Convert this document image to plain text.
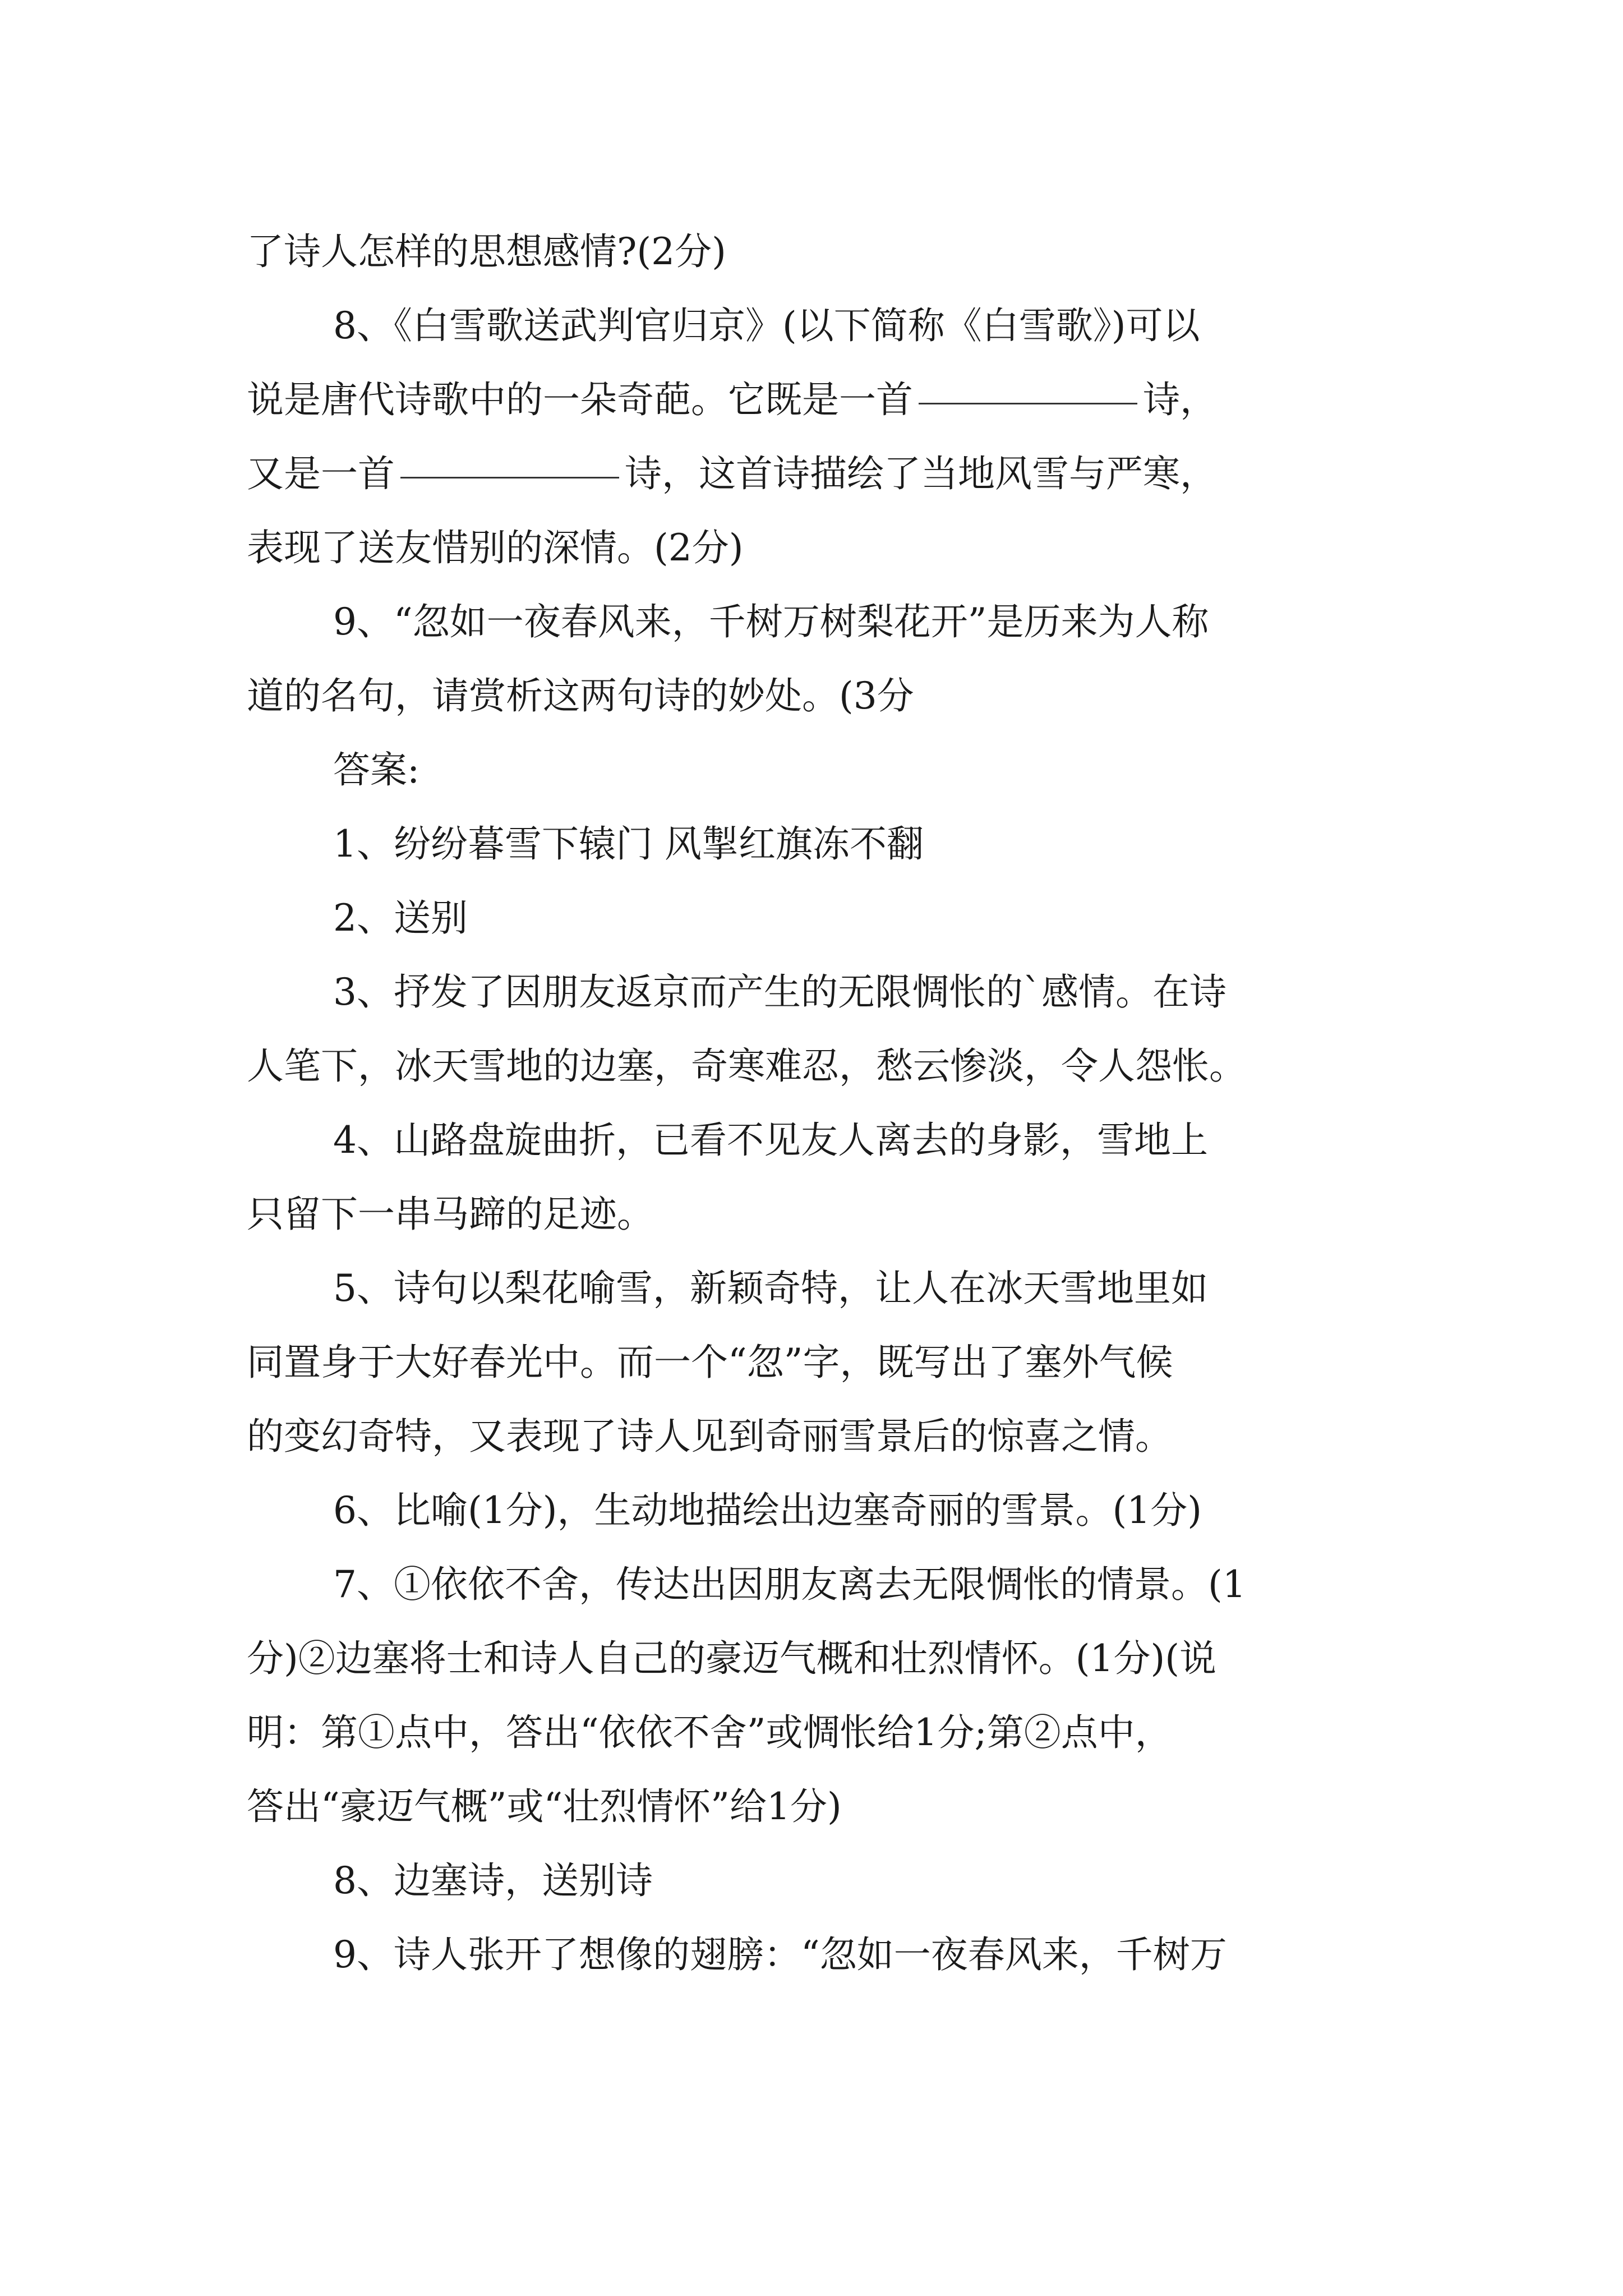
了诗人怎样的思想感情?(2分)
8、《白雪歌送武判官归京》(以下简称《白雪歌》)可以
说是唐代诗歌中的一朵奇葩。它既是一首	诗，
又是一首	诗，这首诗描绘了当地风雪与严寒，
表现了送友惜别的深情。(2分)
9、“忽如一夜春风来，千树万树梨花开”是历来为人称
道的名句，请赏析这两句诗的妙处。(3分
答案:
1、纷纷暮雪下辕门 风掣红旗冻不翻
2、送别
3、抒发了因朋友返京而产生的无限惆怅的`感情。在诗
人笔下，冰天雪地的边塞，奇寒难忍，愁云惨淡，令人怨怅。
4、山路盘旋曲折，已看不见友人离去的身影，雪地上
只留下一串马蹄的足迹。
5、诗句以梨花喻雪，新颖奇特，让人在冰天雪地里如
同置身于大好春光中。而一个“忽”字，既写出了塞外气候
的变幻奇特，又表现了诗人见到奇丽雪景后的惊喜之情。
6、比喻(1分)，生动地描绘出边塞奇丽的雪景。(1分)
7、①依依不舍，传达出因朋友离去无限惆怅的情景。(1
分)②边塞将士和诗人自己的豪迈气概和壮烈情怀。(1分)(说
明：第①点中，答出“依依不舍”或惆怅给1分;第②点中，
答出“豪迈气概”或“壮烈情怀”给1分)
8、边塞诗，送别诗
9、诗人张开了想像的翅膀：“忽如一夜春风来，千树万
